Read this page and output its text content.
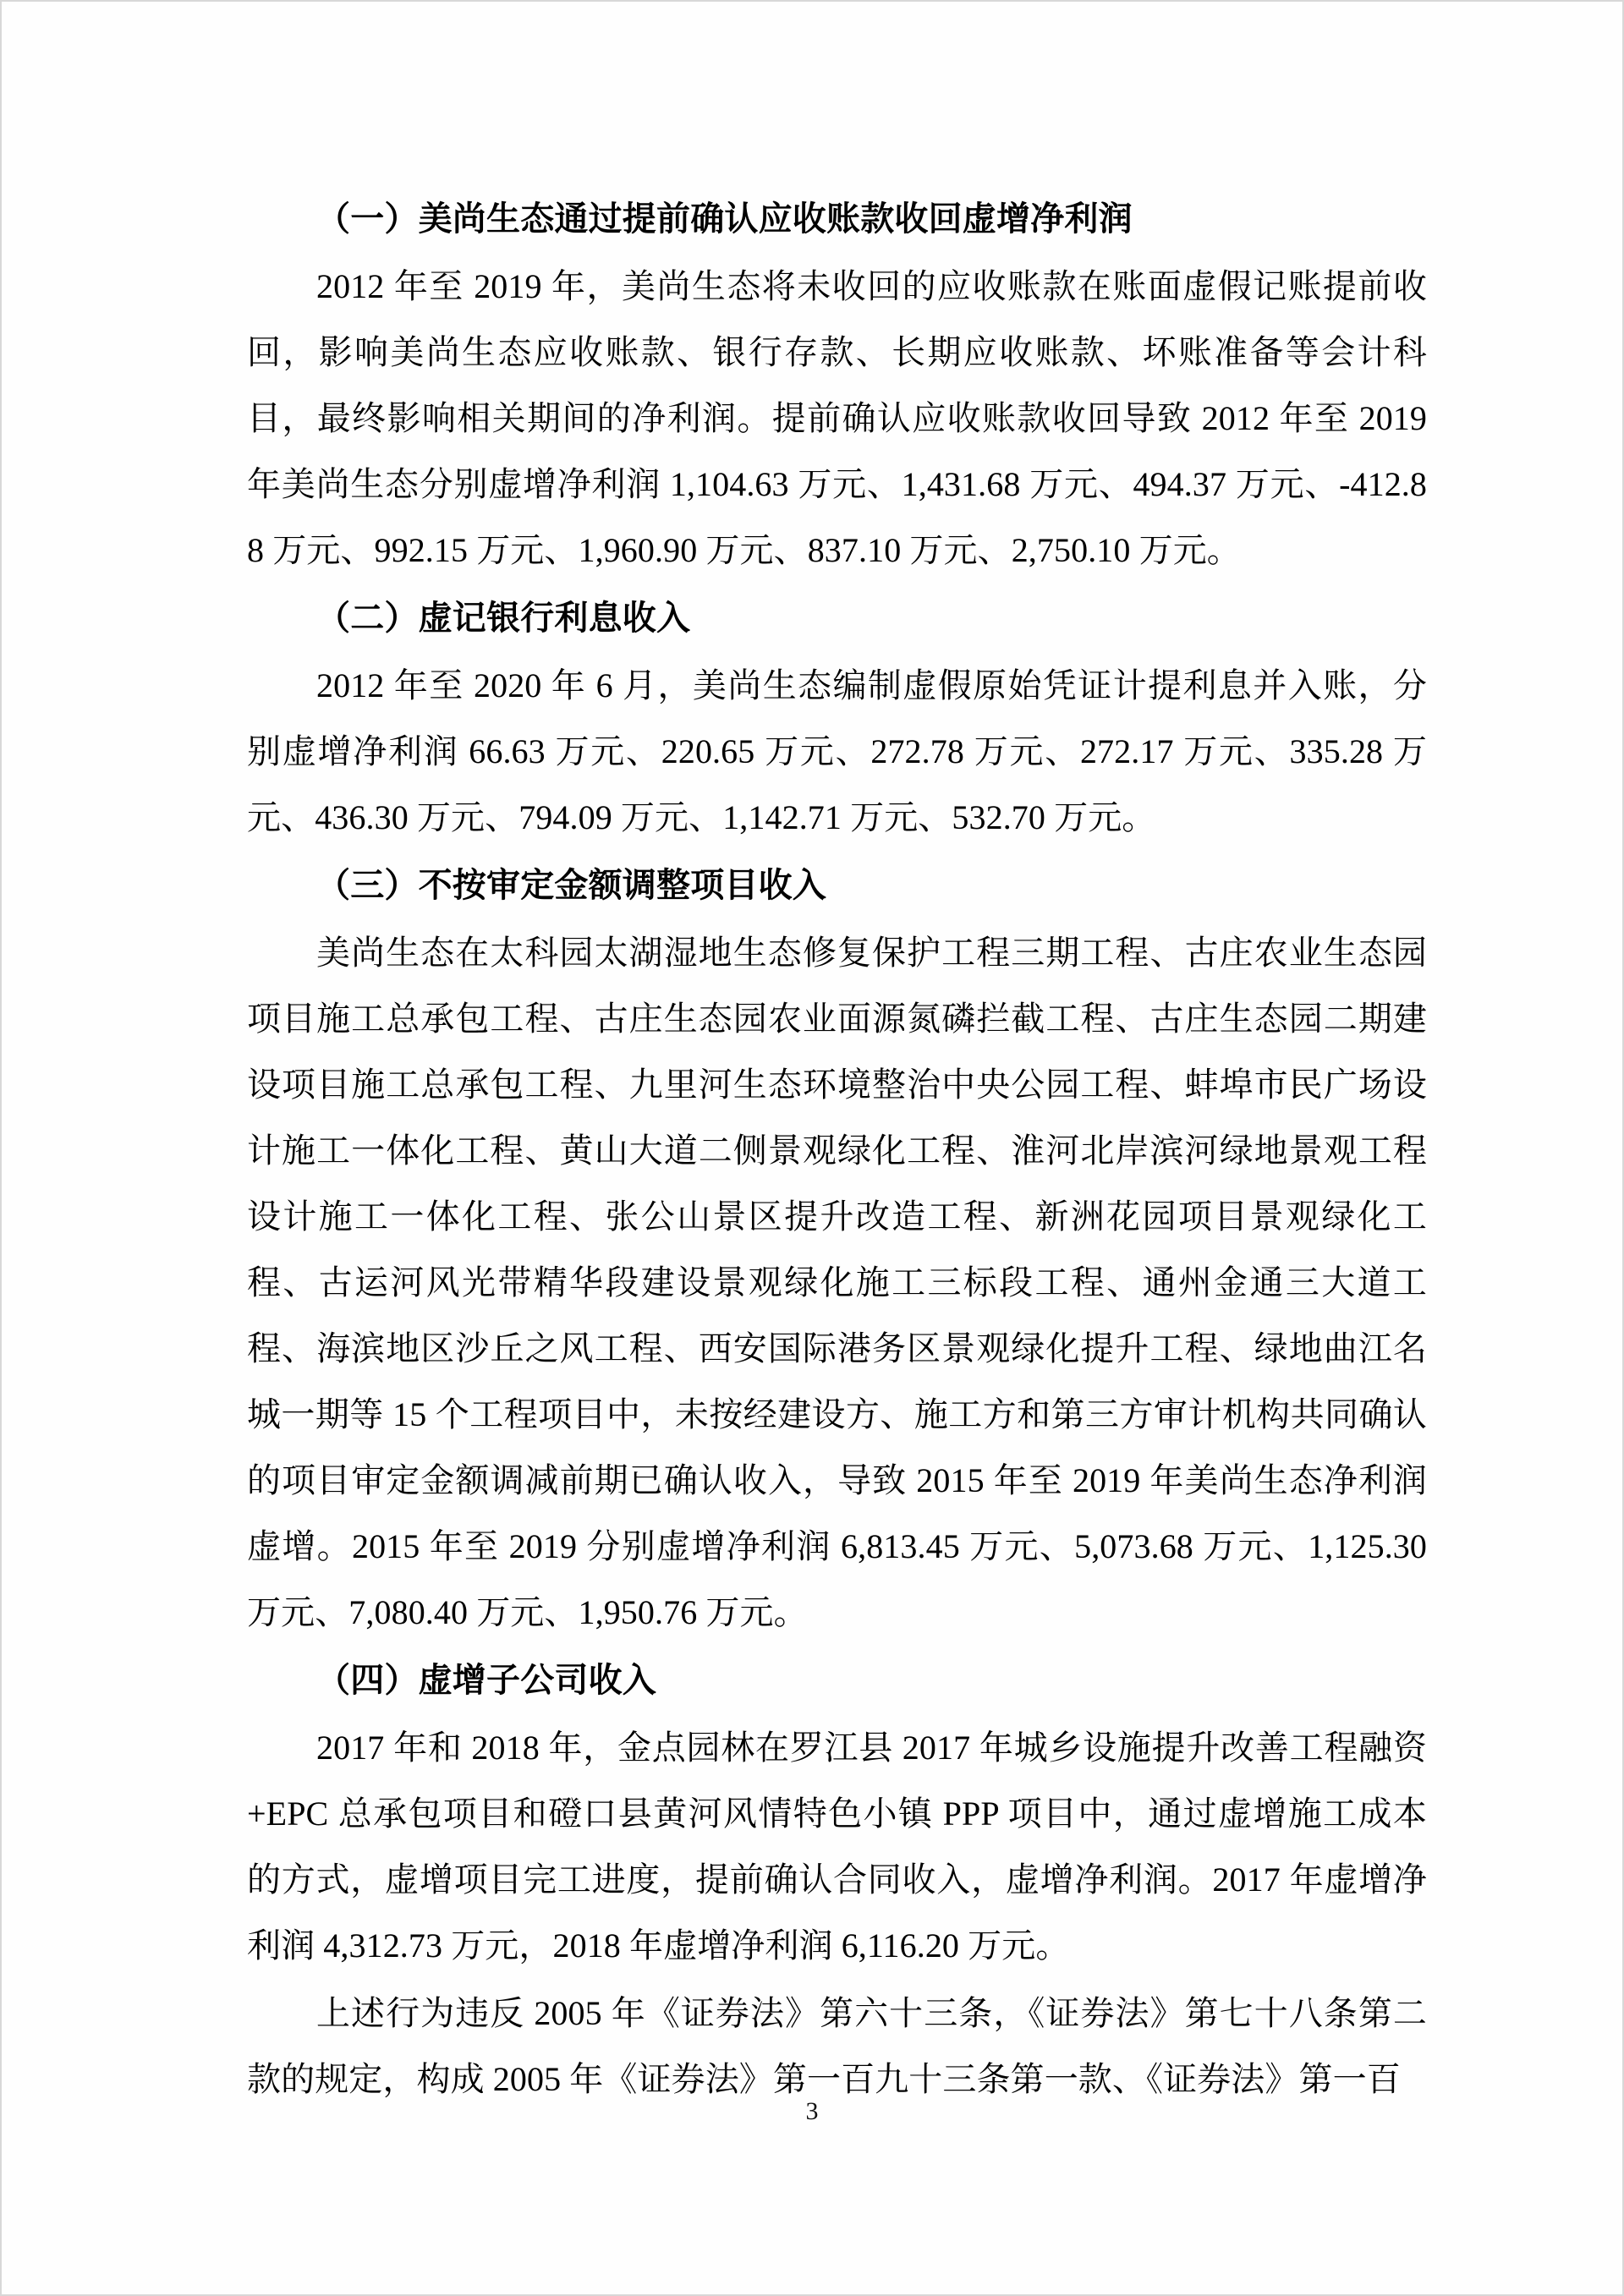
（一）美尚生态通过提前确认应收账款收回虚增净利润

2012 年至 2019 年，美尚生态将未收回的应收账款在账面虚假记账提前收回，影响美尚生态应收账款、银行存款、长期应收账款、坏账准备等会计科目，最终影响相关期间的净利润。提前确认应收账款收回导致 2012 年至 2019 年美尚生态分别虚增净利润 1,104.63 万元、1,431.68 万元、494.37 万元、-412.88 万元、992.15 万元、1,960.90 万元、837.10 万元、2,750.10 万元。

（二）虚记银行利息收入

2012 年至 2020 年 6 月，美尚生态编制虚假原始凭证计提利息并入账，分别虚增净利润 66.63 万元、220.65 万元、272.78 万元、272.17 万元、335.28 万元、436.30 万元、794.09 万元、1,142.71 万元、532.70 万元。

（三）不按审定金额调整项目收入

美尚生态在太科园太湖湿地生态修复保护工程三期工程、古庄农业生态园项目施工总承包工程、古庄生态园农业面源氮磷拦截工程、古庄生态园二期建设项目施工总承包工程、九里河生态环境整治中央公园工程、蚌埠市民广场设计施工一体化工程、黄山大道二侧景观绿化工程、淮河北岸滨河绿地景观工程设计施工一体化工程、张公山景区提升改造工程、新洲花园项目景观绿化工程、古运河风光带精华段建设景观绿化施工三标段工程、通州金通三大道工程、海滨地区沙丘之风工程、西安国际港务区景观绿化提升工程、绿地曲江名城一期等 15 个工程项目中，未按经建设方、施工方和第三方审计机构共同确认的项目审定金额调减前期已确认收入，导致 2015 年至 2019 年美尚生态净利润虚增。2015 年至 2019 分别虚增净利润 6,813.45 万元、5,073.68 万元、1,125.30 万元、7,080.40 万元、1,950.76 万元。

（四）虚增子公司收入

2017 年和 2018 年，金点园林在罗江县 2017 年城乡设施提升改善工程融资+EPC 总承包项目和磴口县黄河风情特色小镇 PPP 项目中，通过虚增施工成本的方式，虚增项目完工进度，提前确认合同收入，虚增净利润。2017 年虚增净利润 4,312.73 万元，2018 年虚增净利润 6,116.20 万元。

上述行为违反 2005 年《证券法》第六十三条，《证券法》第七十八条第二款的规定，构成 2005 年《证券法》第一百九十三条第一款、《证券法》第一百

3
